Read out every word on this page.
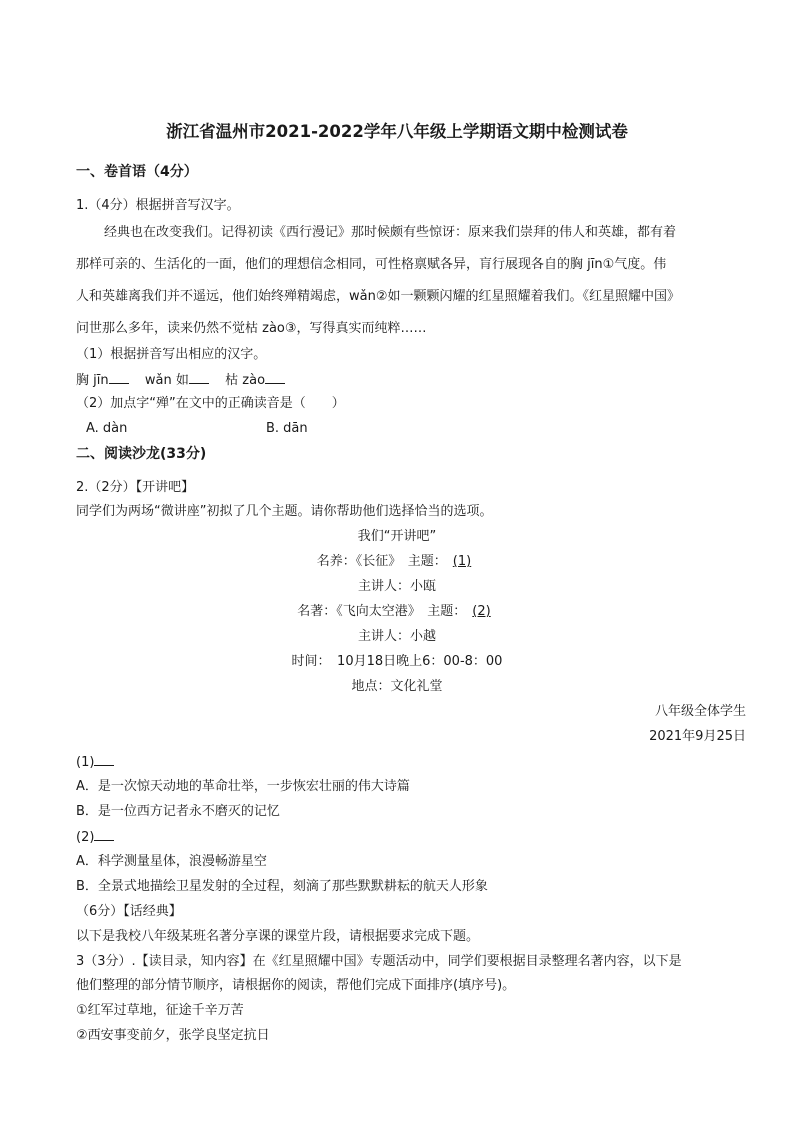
浙江省温州市2021-2022学年八年级上学期语文期中检测试卷
一、卷首语（4分）
1.（4分）根据拼音写汉字。
经典也在改变我们。记得初读《西行漫记》那时候颇有些惊讶：原来我们崇拜的伟人和英雄，都有着
那样可亲的、生活化的一面，他们的理想信念相同，可性格禀赋各异，肓行展现各自的胸 jīn①气度。伟
人和英雄离我们并不遥远，他们始终殚精竭虑，wǎn②如一颗颗闪耀的红星照耀着我们。《红星照耀中国》
问世那么多年，读来仍然不觉枯 zào③，写得真实而纯粹……
（1）根据拼音写出相应的汉字。
胸 jīn	wǎn 如	枯 zào
（2）加点字“殚”在文中的正确读音是（　　）
A. dàn	B. dān
二、阅读沙龙(33分)
2.（2分）【开讲吧】
同学们为两场“微讲座”初拟了几个主题。请你帮助他们选择恰当的选项。
我们“开讲吧”
名养：《长征》　主题： (1)
主讲人：小瓯
名著：《飞向太空港》　主题： (2)
主讲人：小越
时间：　10月18日晚上6：00-8：00
地点：文化礼堂
八年级全体学生
2021年9月25日
(1)
A．是一次惊天动地的革命壮举，一步恢宏壮丽的伟大诗篇
B．是一位西方记者永不磨灭的记忆
(2)
A．科学测量星体，浪漫畅游星空
B．全景式地描绘卫星发射的全过程，刻滴了那些默默耕耘的航天人形象
（6分）【话经典】
以下是我校八年级某班名著分享课的课堂片段，请根据要求完成下题。
3（3分）.【读目录，知内容】在《红星照耀中国》专题活动中，同学们要根据目录整理名著内容，以下是
他们整理的部分情节顺序，请根据你的阅读，帮他们完成下面排序(填序号)。
①红军过草地，征途千辛万苦
②西安事变前夕，张学良坚定抗日
